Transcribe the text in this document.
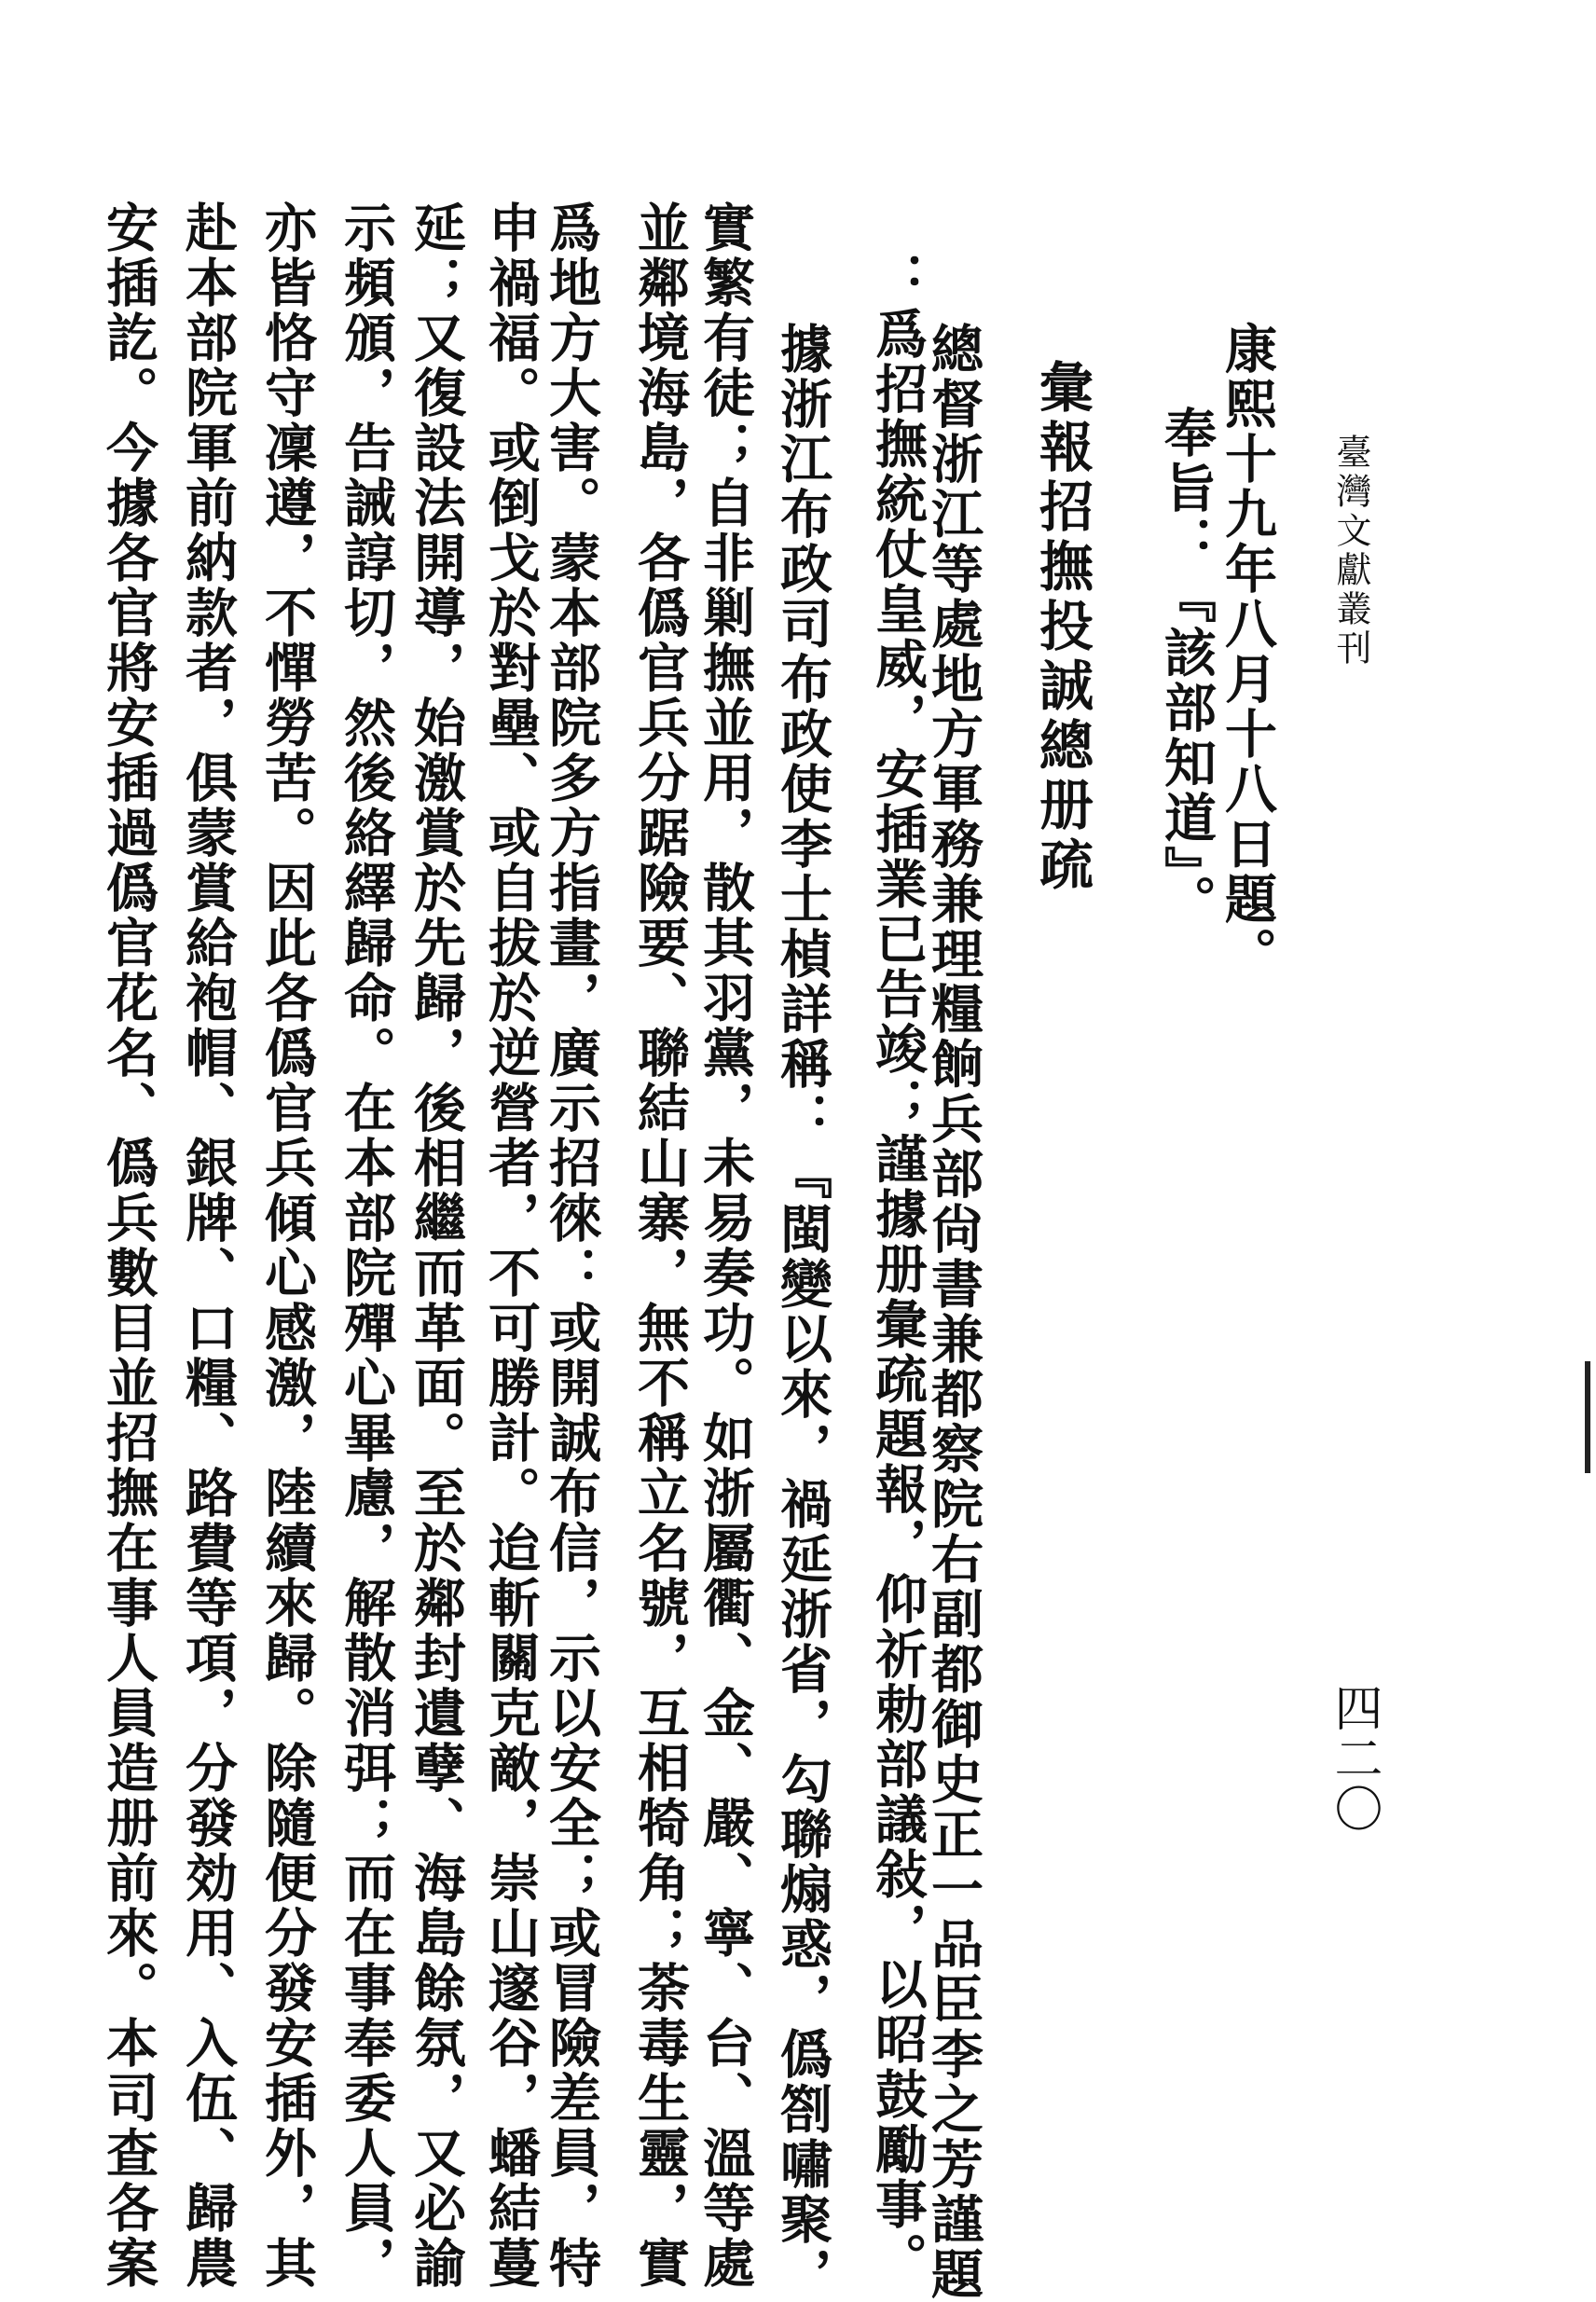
臺灣文獻叢刊
四二〇
康熙十九年八月十八日題。
奉旨：『該部知道』。
彙報招撫投誠總册疏
總督浙江等處地方軍務兼理糧餉兵部尙書兼都察院右副都御史正一品臣李之芳謹題
：爲招撫統仗皇威，安插業已告竣；謹據册彙疏題報，仰祈勅部議敍，以昭鼓勵事。
據浙江布政司布政使李士楨詳稱：『閩變以來，禍延浙省，勾聯煽惑，僞劄嘯聚，
實繁有徒；自非剿撫並用，散其羽黨，未易奏功。如浙屬衢、金、嚴、寧、台、溫等處
並鄰境海島，各僞官兵分踞險要、聯結山寨，無不稱立名號，互相犄角；荼毒生靈，實
爲地方大害。蒙本部院多方指畫，廣示招徠：或開誠布信，示以安全；或冒險差員，特
申禍福。或倒戈於對壘、或自拔於逆營者，不可勝計。迨斬關克敵，崇山邃谷，蟠結蔓
延；又復設法開導，始激賞於先歸，後相繼而革面。至於鄰封遺孽、海島餘氛，又必諭
示頻頒，告誡諄切，然後絡繹歸命。在本部院殫心畢慮，解散消弭；而在事奉委人員，
亦皆恪守凜遵，不憚勞苦。因此各僞官兵傾心感激，陸續來歸。除隨便分發安插外，其
赴本部院軍前納款者，俱蒙賞給袍帽、銀牌、口糧、路費等項，分發効用、入伍、歸農
安插訖。今據各官將安插過僞官花名、僞兵數目並招撫在事人員造册前來。本司查各案
